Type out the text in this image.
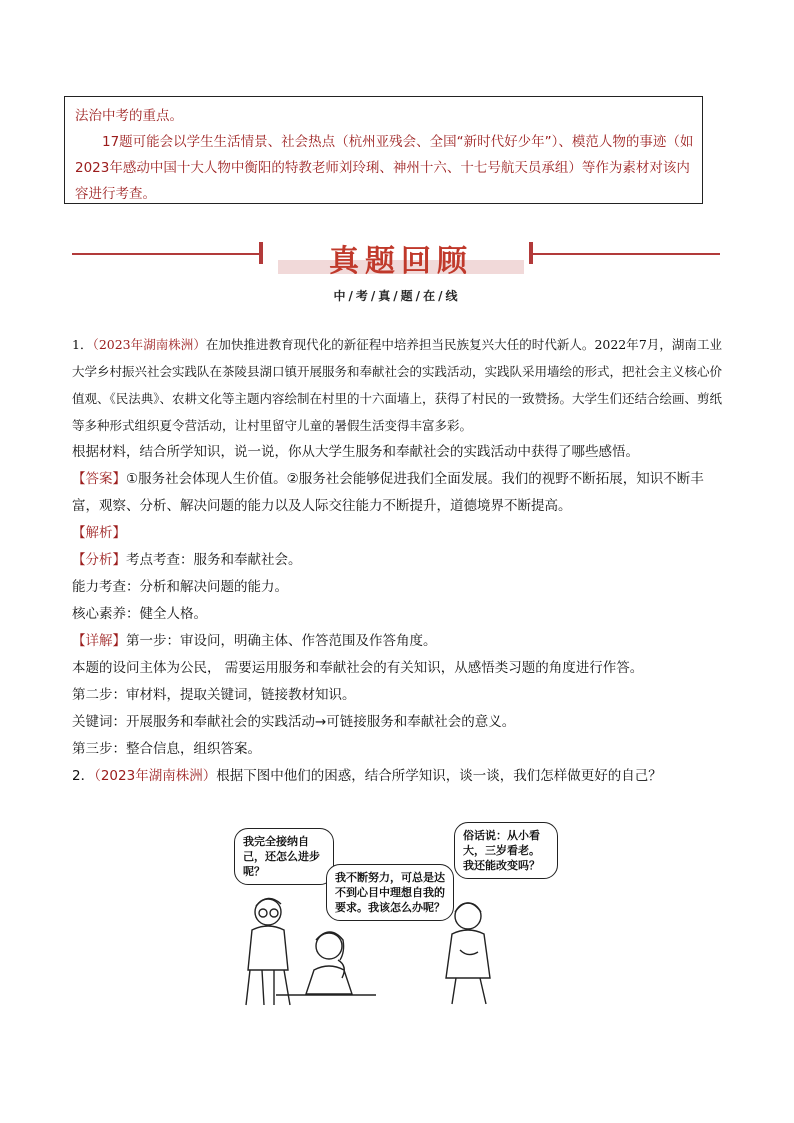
法治中考的重点。

17题可能会以学生生活情景、社会热点（杭州亚残会、全国“新时代好少年”）、模范人物的事迹（如2023年感动中国十大人物中衡阳的特教老师刘玲琍、神州十六、十七号航天员承组）等作为素材对该内容进行考查。

真题回顾
中/考/真/题/在/线

1．（2023年湖南株洲）在加快推进教育现代化的新征程中培养担当民族复兴大任的时代新人。2022年7月，湖南工业大学乡村振兴社会实践队在茶陵县湖口镇开展服务和奉献社会的实践活动，实践队采用墙绘的形式，把社会主义核心价值观、《民法典》、农耕文化等主题内容绘制在村里的十六面墙上，获得了村民的一致赞扬。大学生们还结合绘画、剪纸等多种形式组织夏令营活动，让村里留守儿童的暑假生活变得丰富多彩。

根据材料，结合所学知识，说一说，你从大学生服务和奉献社会的实践活动中获得了哪些感悟。

【答案】①服务社会体现人生价值。②服务社会能够促进我们全面发展。我们的视野不断拓展，知识不断丰富，观察、分析、解决问题的能力以及人际交往能力不断提升，道德境界不断提高。

【解析】

【分析】考点考查：服务和奉献社会。

能力考查：分析和解决问题的能力。

核心素养：健全人格。

【详解】第一步：审设问，明确主体、作答范围及作答角度。

本题的设问主体为公民， 需要运用服务和奉献社会的有关知识，从感悟类习题的角度进行作答。

第二步：审材料，提取关键词，链接教材知识。

关键词：开展服务和奉献社会的实践活动→可链接服务和奉献社会的意义。

第三步：整合信息，组织答案。

2．（2023年湖南株洲）根据下图中他们的困惑，结合所学知识，谈一谈，我们怎样做更好的自己？

我完全接纳自己，还怎么进步呢？	我不断努力，可总是达不到心目中理想自我的要求。我该怎么办呢？
俗话说：从小看大，三岁看老。我还能改变吗？
